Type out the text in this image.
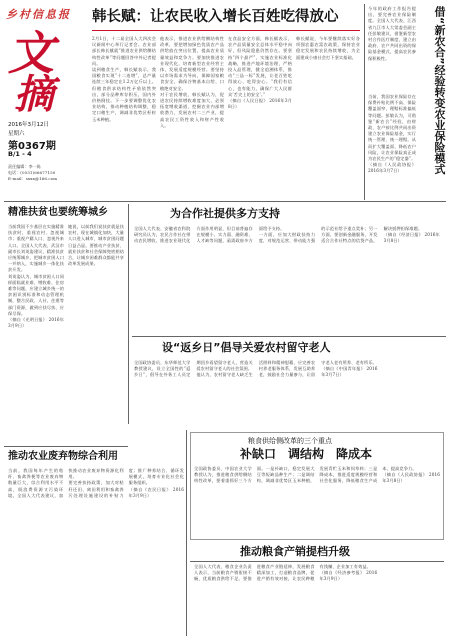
乡村信息报
文
摘
2016年3月12日
星期六
第0367期
B/1 - 4
责任编辑：李一陈
电话：(0531)66677150
E-mail：sxxx@166.com
韩长赋：让农民收入增长百姓吃得放心
2月1日，十二届全国人大四次会议新闻中心举行记者会。农业部部长韩长赋就“推进农业供给侧结构性改革”等问题回答中外记者提问。
谈到粮食生产，韩长赋表示，我国粮食实现“十二连增”，总产量连续三年稳定在1.2万亿斤以上。但粮食供求结构性矛盾依然突出，部分品种库存积压，国内外价格倒挂。下一步要调整优化农业结构，推动种植结构调整，稳定口粮生产，调减非优势区籽粒玉米种植。
他表示，推进农业供给侧结构性改革，要把增加绿色优质农产品供给放在突出位置，提高农业质量效益和竞争力。要加快推进农业现代化，培育新型农业经营主体，发展适度规模经营。要坚持以市场需求为导向，保障国家粮食安全，确保谷物基本自给、口粮绝对安全。
对于农民增收，韩长赋认为，促进农民持续增收难度加大，必须拓宽增收渠道，挖掘农业内部增收潜力，发展农村二三产业，提高农民工资性收入和财产性收入。
在食品安全方面，韩长赋表示，农产品质量安全总体水平稳中向好，但风险隐患仍然存在。要坚持“四个最严”，实施农业标准化战略，推进产地环境治理，严格投入品管理，健全追溯体系，推动“三品一标”发展，让老百姓吃得放心、吃得安心。“我们有信心，也有能力，确保广大人民群众‘舌尖上的安全’。”
（摘自《人民日报》 2016年3月8日）
韩长赋说，今年要继续落实好各项强农惠农富农政策，保持农业稳定发展和农民持续增收，为全面建成小康社会打下坚实基础。
今年的政府工作报告提出，要完善农业保险制度。全国人大代表、江西省九江市人大常委会副主任彭敏建议，借鉴新型农村合作医疗制度，建立由政府、农户共同出资的保险基金模式，提高农民参保积极性。	借“新农合”经验转变农业保险模式
当前，我国农业保险存在保费补贴比例不高、保险覆盖面窄、理赔标准偏低等问题。彭敏认为，可借鉴“新农合”经验，由财政、农户按比例共同出资建立农业保险基金，实行统一管理、统一理赔，从而扩大覆盖面、降低农户风险，让农业保险真正成为农民生产的“稳定器”。
（摘自《人民政协报》 2016年3月7日）
精准扶贫也要统筹城乡
当前我国不少基层在实施精准扶贫时，重视农村、忽视城市；重视户籍人口、忽视外来人口。全国人大代表、武汉市副市长刘英姿建议，精准扶贫应统筹城乡，把城市贫困人口一并纳入，实施城乡一体化扶贫开发。
刘英姿认为，城市贫困人口同样面临就业难、增收难、住房难等问题，应建立城乡统一的贫困识别标准和动态管理机制，整合民政、人社、住建等部门资源，做到应扶尽扶、应保尽保。
（摘自《光明日报》 2016年3月9日）
她说，以前我们说扶贫就是扶农村，现在城镇化加快，大量人口进入城市，城市贫困问题日益凸显。要推动产业扶贫、就业扶贫和社会保障兜底相结合，让城乡困难群众都能共享改革发展成果。
为合作社提供多方支持
全国人大代表、安徽省农科院研究员认为，农民合作社在带动农民增收、推进农业现代化方面作用明显，但目前普遍存在规模小、实力弱、融资难、人才缺等问题，亟需政府多方面给予支持。
一方面，应加大财政扶持力度，对规范运营、带动能力强的示范社给予重点奖补；另一方面，要创新金融服务，开发适合合作社特点的信贷产品，解决抵押担保难题。
（摘自《经济日报》 2016年3月8日）
设“返乡日”倡导关爱农村留守老人
全国政协委员、东华师范大学教授建议，设立全国性的“返乡日”，倡导在外务工人员定期回乡看望留守老人，营造关爱农村留守老人的社会氛围。
他认为，农村留守老人缺乏生活照料和精神慰藉，应完善农村养老服务体系，发展互助养老，鼓励社会力量参与，让留守老人老有所养、老有所乐。
（摘自《中国青年报》 2016年3月7日）
推动农业废弃物综合利用
当前，我国每年产生的秸秆、畜禽粪便等农业废弃物数量巨大，综合利用水平不高，既浪费资源又污染环境。全国人大代表建议，加快推动农业废弃物资源化利用。
要完善扶持政策，加大对秸秆还田、离田利用和畜禽粪污处理设施建设的补贴力度；推广种养结合、循环发展模式，培育专业化社会化服务组织。
（摘自《农民日报》 2016年3月9日）
粮食供给侧改革的三个重点
补缺口　调结构　降成本
全国政协委员、中国农业大学教授认为，推进粮食供给侧结构性改革，要着重抓好三个方面。一是补缺口，稳定发展大豆等短缺品种生产；二是调结构，调减非优势区玉米种植，发展青贮玉米和饲草料；三是降成本，推进适度规模经营和社会化服务，降低粮食生产成本，提高竞争力。
（摘自《人民政协报》 2016年3月8日）
推动粮食产销提档升级
全国人大代表、粮食企业负责人表示，当前粮食产销衔接不畅，优质粮食供给不足。要推进粮食产业链延伸，发展粮食精深加工，打造粮食品牌，促进产销有效对接，让农民种粮有钱赚、企业加工有效益。
（摘自《经济参考报》 2016年3月9日）
